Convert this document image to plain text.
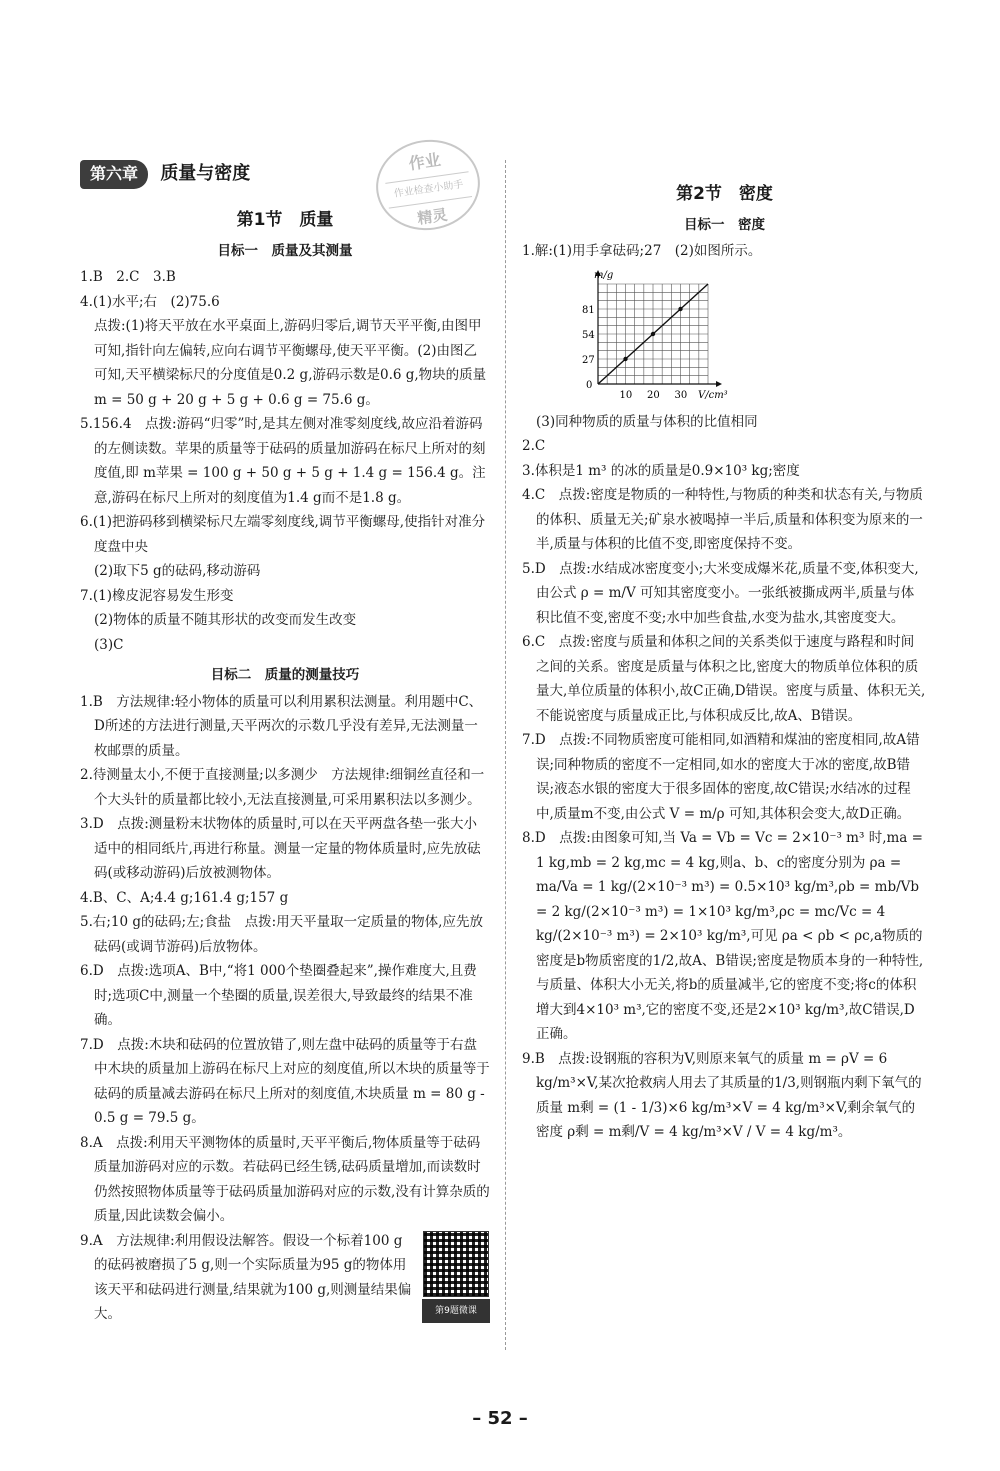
第六章 质量与密度
作业
作业检查小助手
精灵
第1节　质量
目标一　质量及其测量

1.B　2.C　3.B

4.(1)水平;右　(2)75.6

点拨:(1)将天平放在水平桌面上,游码归零后,调节天平平衡,由图甲可知,指针向左偏转,应向右调节平衡螺母,使天平平衡。(2)由图乙可知,天平横梁标尺的分度值是0.2 g,游码示数是0.6 g,物块的质量 m = 50 g + 20 g + 5 g + 0.6 g = 75.6 g。

5.156.4　点拨:游码“归零”时,是其左侧对准零刻度线,故应沿着游码的左侧读数。苹果的质量等于砝码的质量加游码在标尺上所对的刻度值,即 m苹果 = 100 g + 50 g + 5 g + 1.4 g = 156.4 g。注意,游码在标尺上所对的刻度值为1.4 g而不是1.8 g。

6.(1)把游码移到横梁标尺左端零刻度线,调节平衡螺母,使指针对准分度盘中央

(2)取下5 g的砝码,移动游码

7.(1)橡皮泥容易发生形变

(2)物体的质量不随其形状的改变而发生改变

(3)C

目标二　质量的测量技巧

1.B　方法规律:轻小物体的质量可以利用累积法测量。利用题中C、D所述的方法进行测量,天平两次的示数几乎没有差异,无法测量一枚邮票的质量。

2.待测量太小,不便于直接测量;以多测少　方法规律:细铜丝直径和一个大头针的质量都比较小,无法直接测量,可采用累积法以多测少。

3.D　点拨:测量粉末状物体的质量时,可以在天平两盘各垫一张大小适中的相同纸片,再进行称量。测量一定量的物体质量时,应先放砝码(或移动游码)后放被测物体。

4.B、C、A;4.4 g;161.4 g;157 g

5.右;10 g的砝码;左;食盐　点拨:用天平量取一定质量的物体,应先放砝码(或调节游码)后放物体。

6.D　点拨:选项A、B中,“将1 000个垫圈叠起来”,操作难度大,且费时;选项C中,测量一个垫圈的质量,误差很大,导致最终的结果不准确。

7.D　点拨:木块和砝码的位置放错了,则左盘中砝码的质量等于右盘中木块的质量加上游码在标尺上对应的刻度值,所以木块的质量等于砝码的质量减去游码在标尺上所对的刻度值,木块质量 m = 80 g - 0.5 g = 79.5 g。

8.A　点拨:利用天平测物体的质量时,天平平衡后,物体质量等于砝码质量加游码对应的示数。若砝码已经生锈,砝码质量增加,而读数时仍然按照物体质量等于砝码质量加游码对应的示数,没有计算杂质的质量,因此读数会偏小。

第9题微课

9.A　方法规律:利用假设法解答。假设一个标着100 g的砝码被磨损了5 g,则一个实际质量为95 g的物体用该天平和砝码进行测量,结果就为100 g,则测量结果偏大。

第2节　密度
目标一　密度

1.解:(1)用手拿砝码;27　(2)如图所示。

m/g
V/cm³
0
10 20 30
27
54
81

(3)同种物质的质量与体积的比值相同

2.C

3.体积是1 m³ 的冰的质量是0.9×10³ kg;密度

4.C　点拨:密度是物质的一种特性,与物质的种类和状态有关,与物质的体积、质量无关;矿泉水被喝掉一半后,质量和体积变为原来的一半,质量与体积的比值不变,即密度保持不变。

5.D　点拨:水结成冰密度变小;大米变成爆米花,质量不变,体积变大,由公式 ρ = m/V 可知其密度变小。一张纸被撕成两半,质量与体积比值不变,密度不变;水中加些食盐,水变为盐水,其密度变大。

6.C　点拨:密度与质量和体积之间的关系类似于速度与路程和时间之间的关系。密度是质量与体积之比,密度大的物质单位体积的质量大,单位质量的体积小,故C正确,D错误。密度与质量、体积无关,不能说密度与质量成正比,与体积成反比,故A、B错误。

7.D　点拨:不同物质密度可能相同,如酒精和煤油的密度相同,故A错误;同种物质的密度不一定相同,如水的密度大于冰的密度,故B错误;液态水银的密度大于很多固体的密度,故C错误;水结冰的过程中,质量m不变,由公式 V = m/ρ 可知,其体积会变大,故D正确。

8.D　点拨:由图象可知,当 Va = Vb = Vc = 2×10⁻³ m³ 时,ma = 1 kg,mb = 2 kg,mc = 4 kg,则a、b、c的密度分别为 ρa = ma/Va = 1 kg/(2×10⁻³ m³) = 0.5×10³ kg/m³,ρb = mb/Vb = 2 kg/(2×10⁻³ m³) = 1×10³ kg/m³,ρc = mc/Vc = 4 kg/(2×10⁻³ m³) = 2×10³ kg/m³,可见 ρa < ρb < ρc,a物质的密度是b物质密度的1/2,故A、B错误;密度是物质本身的一种特性,与质量、体积大小无关,将b的质量减半,它的密度不变;将c的体积增大到4×10³ m³,它的密度不变,还是2×10³ kg/m³,故C错误,D正确。

9.B　点拨:设钢瓶的容积为V,则原来氧气的质量 m = ρV = 6 kg/m³×V,某次抢救病人用去了其质量的1/3,则钢瓶内剩下氧气的质量 m剩 = (1 - 1/3)×6 kg/m³×V = 4 kg/m³×V,剩余氧气的密度 ρ剩 = m剩/V = 4 kg/m³×V / V = 4 kg/m³。

– 52 –
